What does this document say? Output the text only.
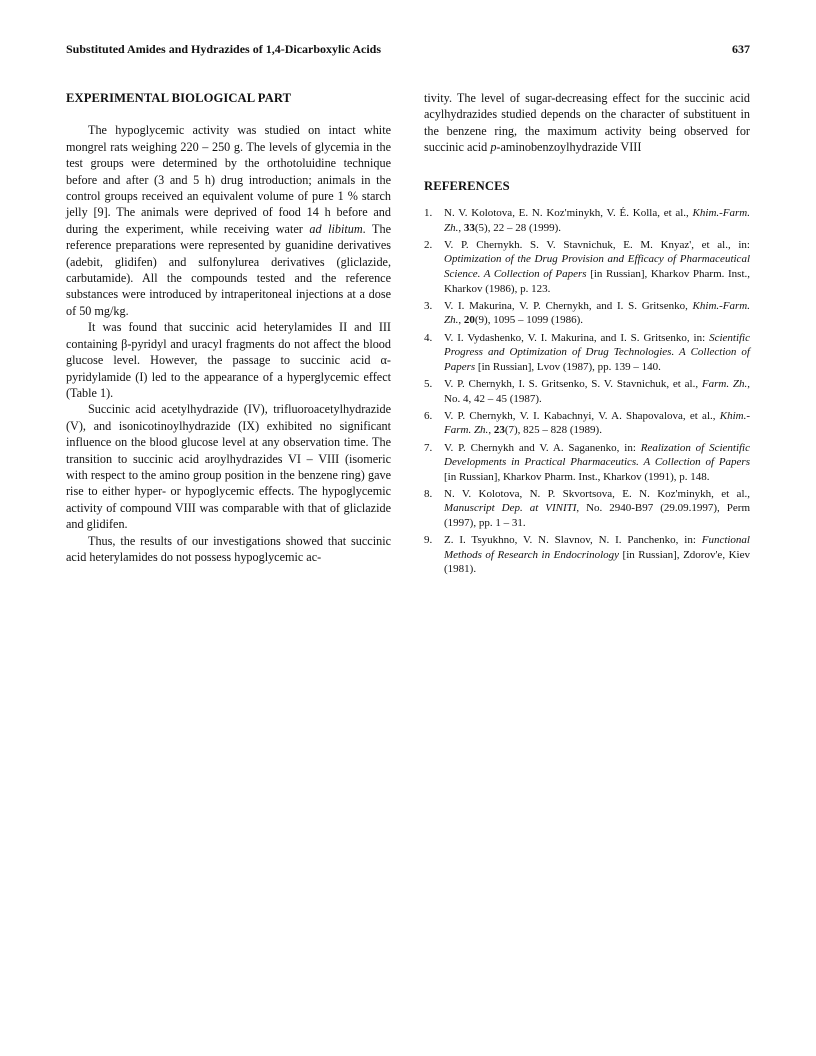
Substituted Amides and Hydrazides of 1,4-Dicarboxylic Acids	637
EXPERIMENTAL BIOLOGICAL PART

The hypoglycemic activity was studied on intact white mongrel rats weighing 220 – 250 g. The levels of glycemia in the test groups were determined by the orthotoluidine technique before and after (3 and 5 h) drug introduction; animals in the control groups received an equivalent volume of pure 1 % starch jelly [9]. The animals were deprived of food 14 h before and during the experiment, while receiving water ad libitum. The reference preparations were represented by guanidine derivatives (adebit, glidifen) and sulfonylurea derivatives (gliclazide, carbutamide). All the compounds tested and the reference substances were introduced by intraperitoneal injections at a dose of 50 mg/kg.

It was found that succinic acid heterylamides II and III containing β-pyridyl and uracyl fragments do not affect the blood glucose level. However, the passage to succinic acid α-pyridylamide (I) led to the appearance of a hyperglycemic effect (Table 1).

Succinic acid acetylhydrazide (IV), trifluoroacetylhydrazide (V), and isonicotinoylhydrazide (IX) exhibited no significant influence on the blood glucose level at any observation time. The transition to succinic acid aroylhydrazides VI – VIII (isomeric with respect to the amino group position in the benzene ring) gave rise to either hyper- or hypoglycemic effects. The hypoglycemic activity of compound VIII was comparable with that of gliclazide and glidifen.

Thus, the results of our investigations showed that succinic acid heterylamides do not possess hypoglycemic ac-

tivity. The level of sugar-decreasing effect for the succinic acid acylhydrazides studied depends on the character of substituent in the benzene ring, the maximum activity being observed for succinic acid p-aminobenzoylhydrazide VIII

REFERENCES
1. N. V. Kolotova, E. N. Koz'minykh, V. É. Kolla, et al., Khim.-Farm. Zh., 33(5), 22 – 28 (1999).
2. V. P. Chernykh. S. V. Stavnichuk, E. M. Knyaz', et al., in: Optimization of the Drug Provision and Efficacy of Pharmaceutical Science. A Collection of Papers [in Russian], Kharkov Pharm. Inst., Kharkov (1986), p. 123.
3. V. I. Makurina, V. P. Chernykh, and I. S. Gritsenko, Khim.-Farm. Zh., 20(9), 1095 – 1099 (1986).
4. V. I. Vydashenko, V. I. Makurina, and I. S. Gritsenko, in: Scientific Progress and Optimization of Drug Technologies. A Collection of Papers [in Russian], Lvov (1987), pp. 139 – 140.
5. V. P. Chernykh, I. S. Gritsenko, S. V. Stavnichuk, et al., Farm. Zh., No. 4, 42 – 45 (1987).
6. V. P. Chernykh, V. I. Kabachnyi, V. A. Shapovalova, et al., Khim.-Farm. Zh., 23(7), 825 – 828 (1989).
7. V. P. Chernykh and V. A. Saganenko, in: Realization of Scientific Developments in Practical Pharmaceutics. A Collection of Papers [in Russian], Kharkov Pharm. Inst., Kharkov (1991), p. 148.
8. N. V. Kolotova, N. P. Skvortsova, E. N. Koz'minykh, et al., Manuscript Dep. at VINITI, No. 2940-B97 (29.09.1997), Perm (1997), pp. 1 – 31.
9. Z. I. Tsyukhno, V. N. Slavnov, N. I. Panchenko, in: Functional Methods of Research in Endocrinology [in Russian], Zdorov'e, Kiev (1981).
